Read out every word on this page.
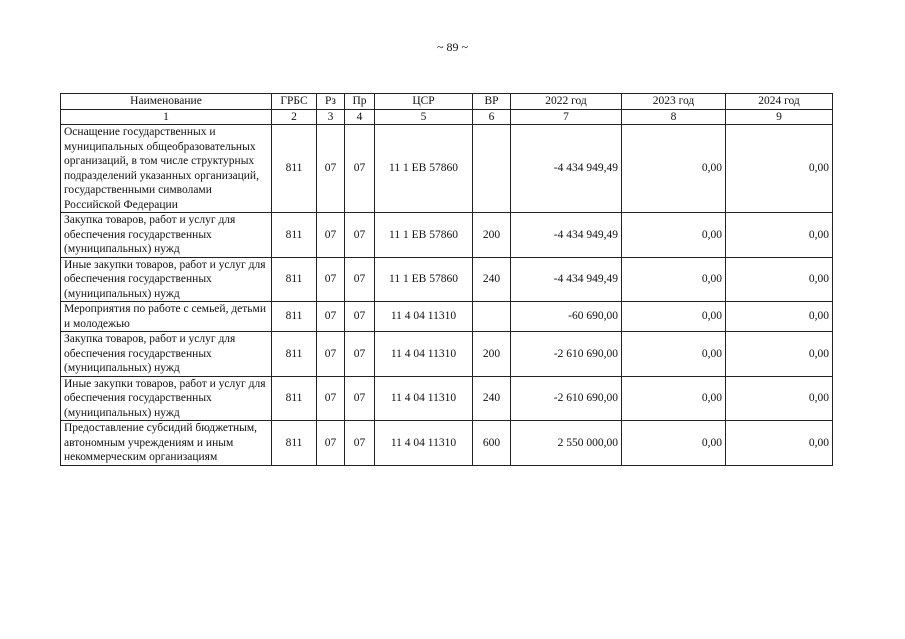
~ 89 ~
Наименование	ГРБС	Рз	Пр	ЦСР	ВР	2022 год	2023 год	2024 год
1	2	3	4	5	6	7	8	9
Оснащение государственных и муниципальных общеобразовательных организаций, в том числе структурных подразделений указанных организаций, государственными символами Российской Федерации	811	07	07	11 1 EB 57860		-4 434 949,49	0,00	0,00
Закупка товаров, работ и услуг для обеспечения государственных (муниципальных) нужд	811	07	07	11 1 EB 57860	200	-4 434 949,49	0,00	0,00
Иные закупки товаров, работ и услуг для обеспечения государственных (муниципальных) нужд	811	07	07	11 1 EB 57860	240	-4 434 949,49	0,00	0,00
Мероприятия по работе с семьей, детьми и молодежью	811	07	07	11 4 04 11310		-60 690,00	0,00	0,00
Закупка товаров, работ и услуг для обеспечения государственных (муниципальных) нужд	811	07	07	11 4 04 11310	200	-2 610 690,00	0,00	0,00
Иные закупки товаров, работ и услуг для обеспечения государственных (муниципальных) нужд	811	07	07	11 4 04 11310	240	-2 610 690,00	0,00	0,00
Предоставление субсидий бюджетным, автономным учреждениям и иным некоммерческим организациям	811	07	07	11 4 04 11310	600	2 550 000,00	0,00	0,00
